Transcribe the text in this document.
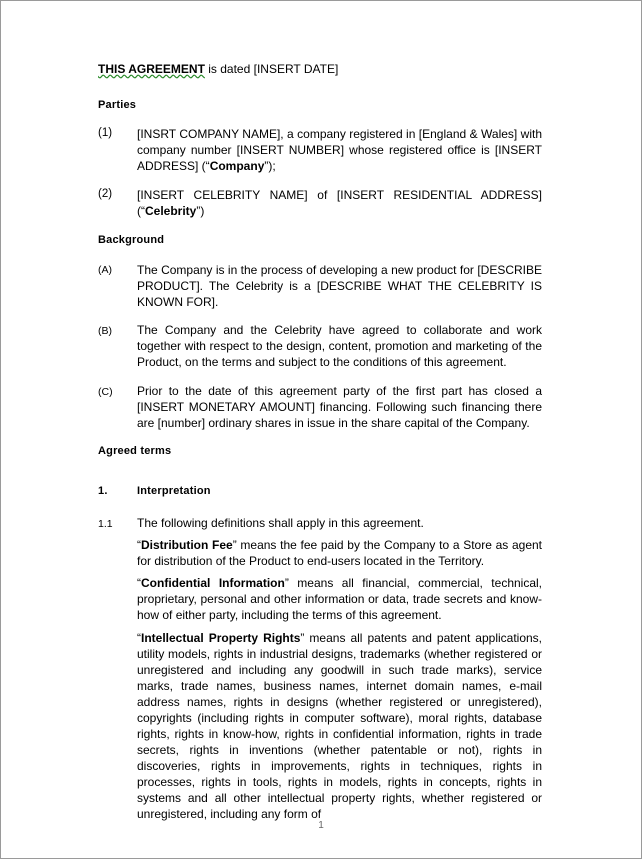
THIS AGREEMENT is dated [INSERT DATE]
Parties
(1) [INSRT COMPANY NAME], a company registered in [England & Wales] with company number [INSERT NUMBER] whose registered office is [INSERT ADDRESS] (“Company”);
(2) [INSERT CELEBRITY NAME] of [INSERT RESIDENTIAL ADDRESS] (“Celebrity”)
Background
(A) The Company is in the process of developing a new product for [DESCRIBE PRODUCT]. The Celebrity is a [DESCRIBE WHAT THE CELEBRITY IS KNOWN FOR].
(B) The Company and the Celebrity have agreed to collaborate and work together with respect to the design, content, promotion and marketing of the Product, on the terms and subject to the conditions of this agreement.
(C) Prior to the date of this agreement party of the first part has closed a [INSERT MONETARY AMOUNT] financing. Following such financing there are [number] ordinary shares in issue in the share capital of the Company.
Agreed terms
1.	Interpretation
1.1 The following definitions shall apply in this agreement.
“Distribution Fee” means the fee paid by the Company to a Store as agent for distribution of the Product to end-users located in the Territory.
“Confidential Information” means all financial, commercial, technical, proprietary, personal and other information or data, trade secrets and know-how of either party, including the terms of this agreement.
“Intellectual Property Rights” means all patents and patent applications, utility models, rights in industrial designs, trademarks (whether registered or unregistered and including any goodwill in such trade marks), service marks, trade names, business names, internet domain names, e-mail address names, rights in designs (whether registered or unregistered), copyrights (including rights in computer software), moral rights, database rights, rights in know-how, rights in confidential information, rights in trade secrets, rights in inventions (whether patentable or not), rights in discoveries, rights in improvements, rights in techniques, rights in processes, rights in tools, rights in models, rights in concepts, rights in systems and all other intellectual property rights, whether registered or unregistered, including any form of
1
